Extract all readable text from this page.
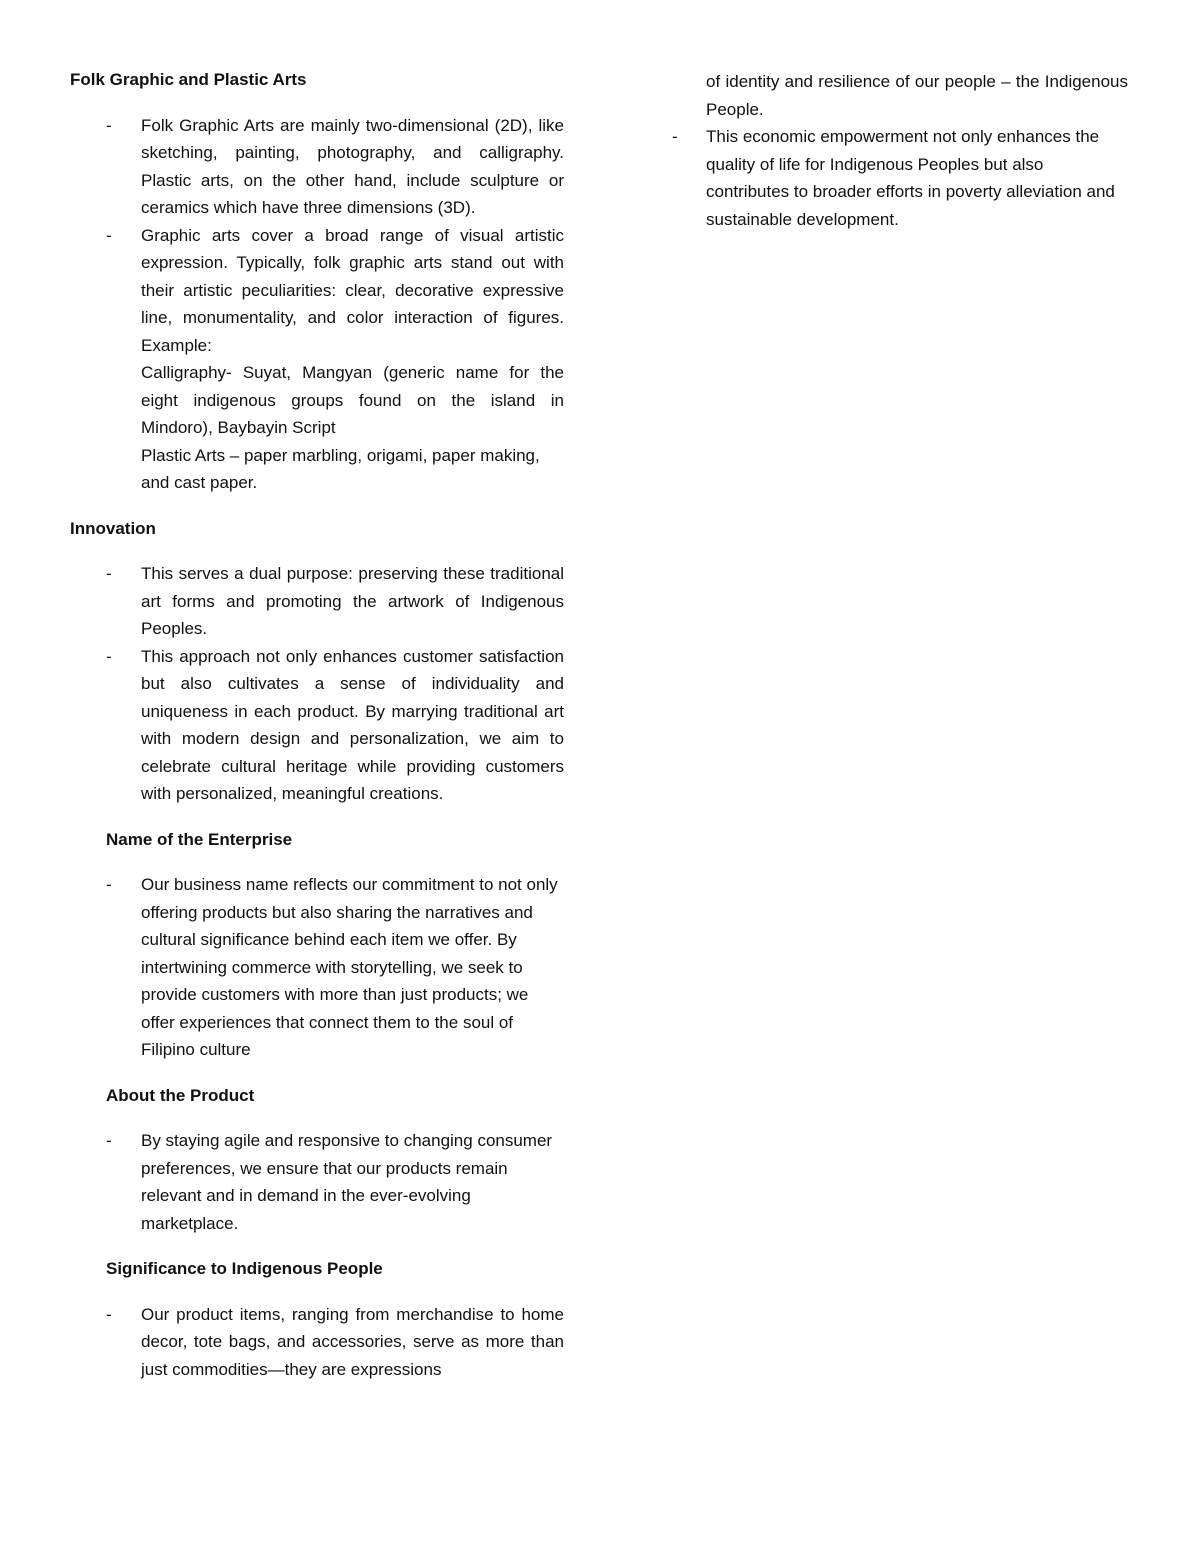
Folk Graphic and Plastic Arts

- Folk Graphic Arts are mainly two-dimensional (2D), like sketching, painting, photography, and calligraphy. Plastic arts, on the other hand, include sculpture or ceramics which have three dimensions (3D).
- Graphic arts cover a broad range of visual artistic expression. Typically, folk graphic arts stand out with their artistic peculiarities: clear, decorative expressive line, monumentality, and color interaction of figures. Example:
Calligraphy- Suyat, Mangyan (generic name for the eight indigenous groups found on the island in Mindoro), Baybayin Script
Plastic Arts – paper marbling, origami, paper making, and cast paper.

Innovation

- This serves a dual purpose: preserving these traditional art forms and promoting the artwork of Indigenous Peoples.
- This approach not only enhances customer satisfaction but also cultivates a sense of individuality and uniqueness in each product. By marrying traditional art with modern design and personalization, we aim to celebrate cultural heritage while providing customers with personalized, meaningful creations.

Name of the Enterprise

- Our business name reflects our commitment to not only offering products but also sharing the narratives and cultural significance behind each item we offer. By intertwining commerce with storytelling, we seek to provide customers with more than just products; we offer experiences that connect them to the soul of Filipino culture

About the Product

- By staying agile and responsive to changing consumer preferences, we ensure that our products remain relevant and in demand in the ever-evolving marketplace.

Significance to Indigenous People

- Our product items, ranging from merchandise to home decor, tote bags, and accessories, serve as more than just commodities—they are expressions
of identity and resilience of our people – the Indigenous People.
- This economic empowerment not only enhances the quality of life for Indigenous Peoples but also contributes to broader efforts in poverty alleviation and sustainable development.
